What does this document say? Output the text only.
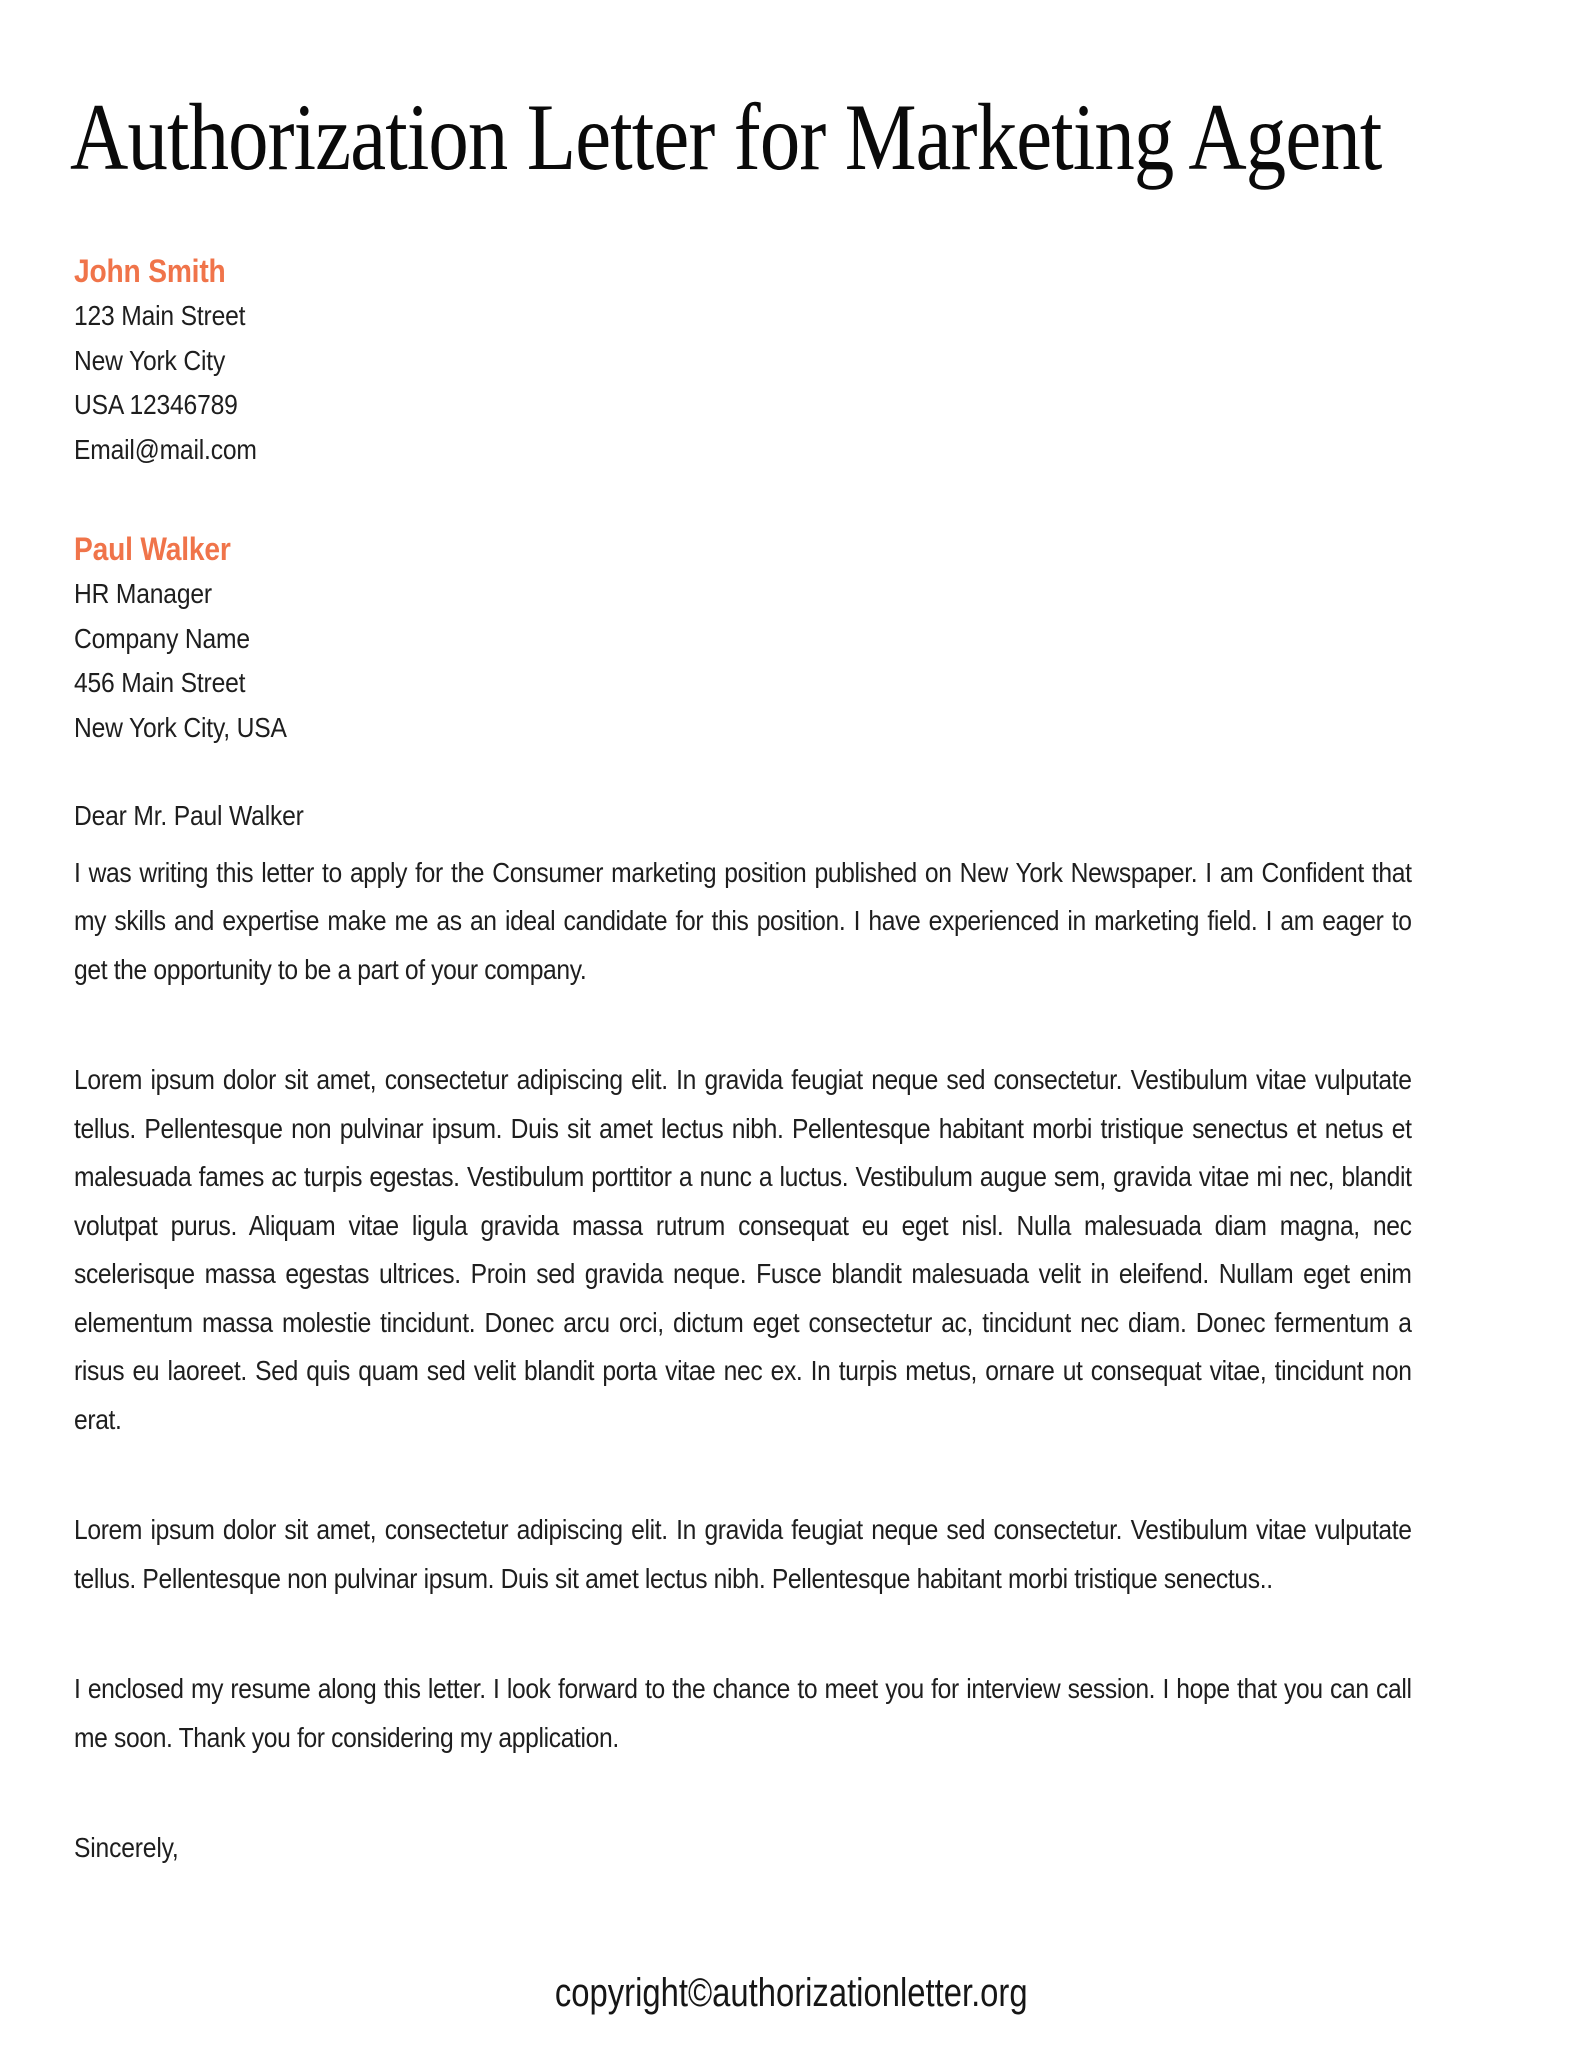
Authorization Letter for Marketing Agent
John Smith
123 Main Street
New York City
USA 12346789
Email@mail.com
Paul Walker
HR Manager
Company Name
456 Main Street
New York City, USA

Dear Mr. Paul Walker

I was writing this letter to apply for the Consumer marketing position published on New York Newspaper. I am Confident that my skills and expertise make me as an ideal candidate for this position. I have experienced in marketing field. I am eager to get the opportunity to be a part of your company.

Lorem ipsum dolor sit amet, consectetur adipiscing elit. In gravida feugiat neque sed consectetur. Vestibulum vitae vulputate tellus. Pellentesque non pulvinar ipsum. Duis sit amet lectus nibh. Pellentesque habitant morbi tristique senectus et netus et malesuada fames ac turpis egestas. Vestibulum porttitor a nunc a luctus. Vestibulum augue sem, gravida vitae mi nec, blandit volutpat purus. Aliquam vitae ligula gravida massa rutrum consequat eu eget nisl. Nulla malesuada diam magna, nec scelerisque massa egestas ultrices. Proin sed gravida neque. Fusce blandit malesuada velit in eleifend. Nullam eget enim elementum massa molestie tincidunt. Donec arcu orci, dictum eget consectetur ac, tincidunt nec diam. Donec fermentum a risus eu laoreet. Sed quis quam sed velit blandit porta vitae nec ex. In turpis metus, ornare ut consequat vitae, tincidunt non erat.

Lorem ipsum dolor sit amet, consectetur adipiscing elit. In gravida feugiat neque sed consectetur. Vestibulum vitae vulputate tellus. Pellentesque non pulvinar ipsum. Duis sit amet lectus nibh. Pellentesque habitant morbi tristique senectus..

I enclosed my resume along this letter. I look forward to the chance to meet you for interview session. I hope that you can call me soon. Thank you for considering my application.

Sincerely,

copyright©authorizationletter.org
